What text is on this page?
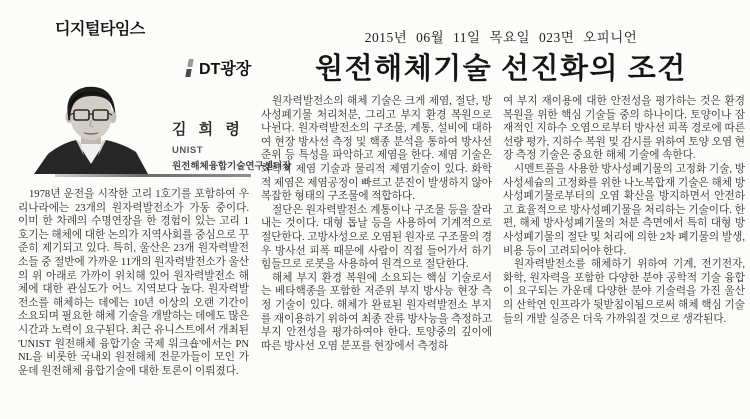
디지털타임스	2015년 06월 11일 목요일 023면 오피니언
원전해체기술 선진화의 조건
DT광장
김 희 령
UNIST
원전해체융합기술연구센터장

1978년 운전을 시작한 고리 1호기를 포함하여 우리나라에는 23개의 원자력발전소가 가동 중이다. 이미 한 차례의 수명연장을 한 경험이 있는 고리 1호기는 해체에 대한 논의가 지역사회를 중심으로 꾸준히 제기되고 있다. 특히, 울산은 23개 원자력발전소들 중 절반에 가까운 11개의 원자력발전소가 울산의 위 아래로 가까이 위치해 있어 원자력발전소 해체에 대한 관심도가 어느 지역보다 높다. 원자력발전소를 해체하는 데에는 10년 이상의 오랜 기간이 소요되며 필요한 해체 기술을 개발하는 데에도 많은 시간과 노력이 요구된다. 최근 유니스트에서 개최된 'UNIST 원전해체 융합기술 국제 워크숍'에서는 PNNL을 비롯한 국내외 원전해체 전문가들이 모인 가운데 원전해체 융합기술에 대한 토론이 이뤄졌다.

원자력발전소의 해체 기술은 크게 제염, 절단, 방사성폐기물 처리처분, 그리고 부지 환경 복원으로 나뉜다. 원자력발전소의 구조물, 계통, 설비에 대하여 현장 방사선 측정 및 핵종 분석을 통하여 방사선 준위 등 특성을 파악하고 제염을 한다. 제염 기술은 화학적 제염 기술과 물리적 제염기술이 있다. 화학적 제염은 제염공정이 빠르고 분진이 발생하지 않아 복잡한 형태의 구조물에 적합하다.

절단은 원자력발전소 계통이나 구조물 등을 잘라내는 것이다. 대형 톱날 등을 사용하여 기계적으로 절단한다. 고방사성으로 오염된 원자로 구조물의 경우 방사선 피폭 때문에 사람이 직접 들어가서 하기 힘들므로 로봇을 사용하여 원격으로 절단한다.

해체 부지 환경 복원에 소요되는 핵심 기술로서는 베타핵종을 포함한 저준위 부지 방사능 현장 측정 기술이 있다. 해체가 완료된 원자력발전소 부지를 재이용하기 위하여 최종 잔류 방사능을 측정하고 부지 안전성을 평가하여야 한다. 토양중의 깊이에 따른 방사선 오염 분포를 현장에서 측정하

여 부지 재이용에 대한 안전성을 평가하는 것은 환경 복원을 위한 핵심 기술들 중의 하나이다. 토양이나 잠재적인 지하수 오염으로부터 방사선 피폭 경로에 따른 선량 평가, 지하수 복원 및 감시를 위하여 토양 오염 현장 측정 기술은 중요한 해체 기술에 속한다.

시멘트풀을 사용한 방사성폐기물의 고정화 기술, 방사성세슘의 고정화를 위한 나노복합재 기술은 해체 방사성폐기물로부터의 오염 확산을 방지하면서 안전하고 효율적으로 방사성폐기물을 처리하는 기술이다. 한편, 해체 방사성폐기물의 처분 측면에서 특히 대형 방사성폐기물의 절단 및 처리에 의한 2차 폐기물의 발생, 비용 등이 고려되어야 한다.

원자력발전소를 해체하기 위하여 기계, 전기전자, 화학, 원자력을 포함한 다양한 분야 공학적 기술 융합이 요구되는 가운데 다양한 분야 기술력을 가진 울산의 산학연 인프라가 뒷받침이됨으로써 해체 핵심 기술들의 개발 실증은 더욱 가까워질 것으로 생각된다.
